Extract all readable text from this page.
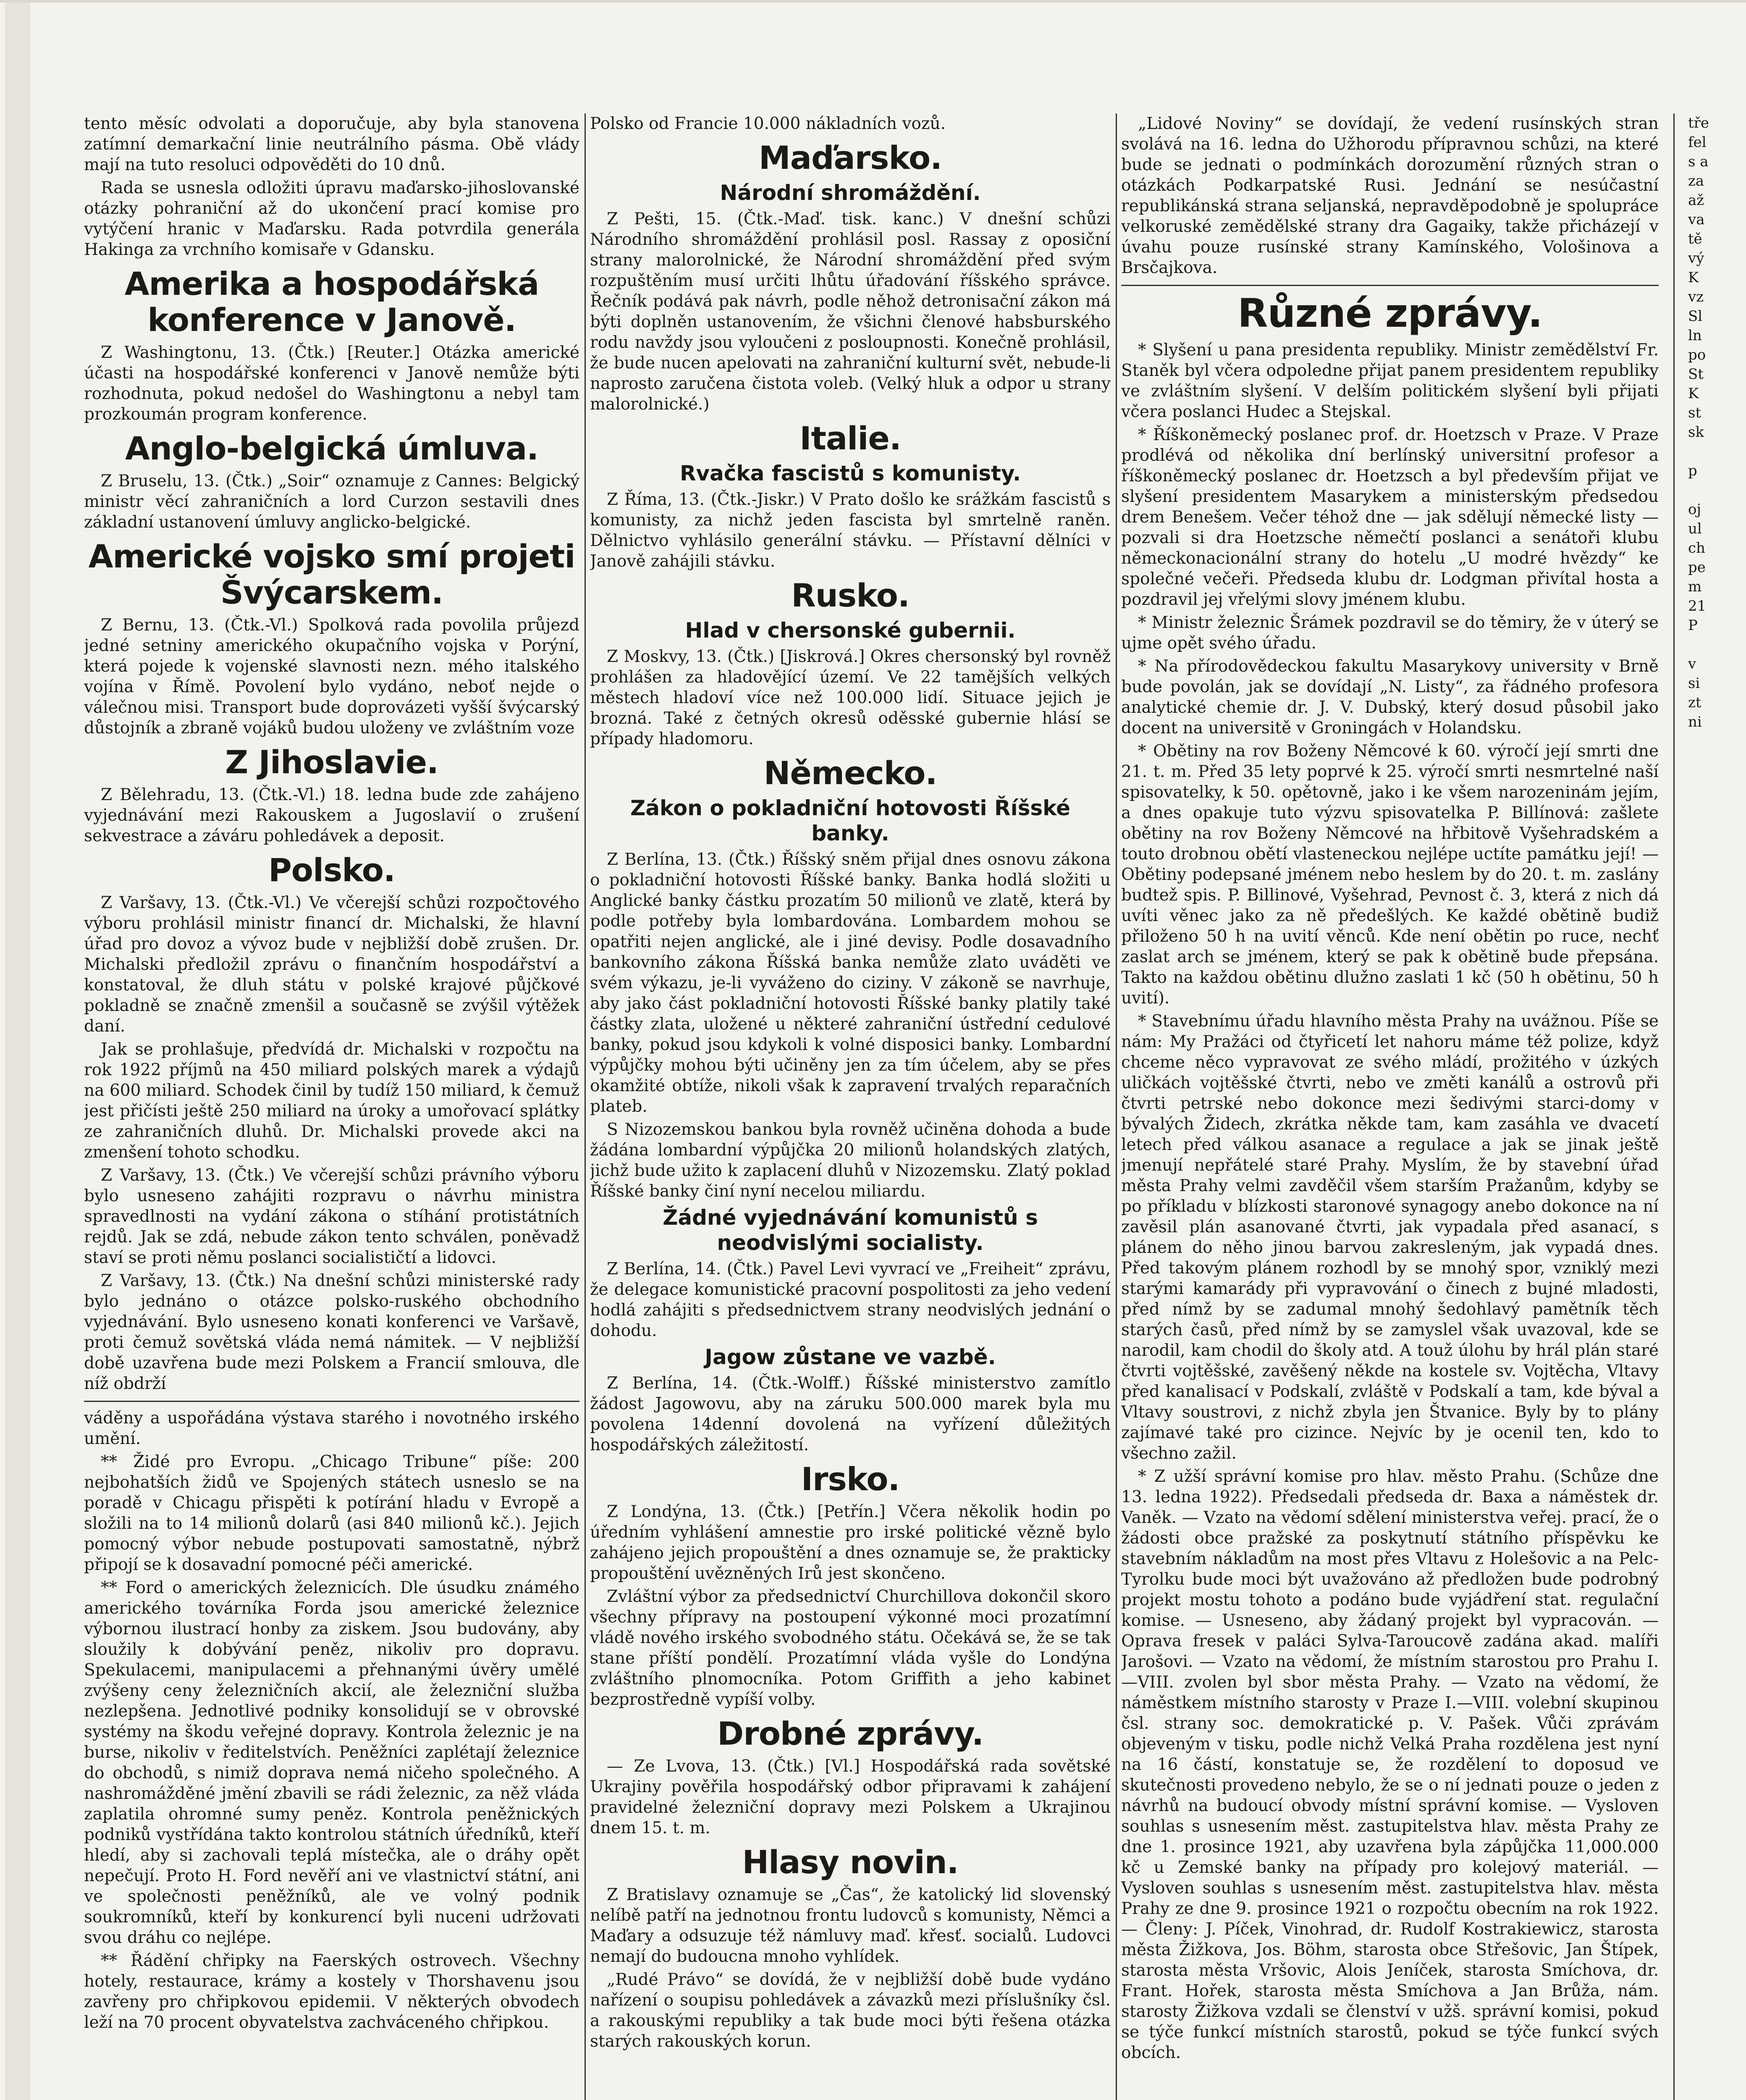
tento měsíc odvolati a doporučuje, aby byla stanovena zatímní demarkační linie neutrálního pásma. Obě vlády mají na tuto resoluci odpověděti do 10 dnů.

Rada se usnesla odložiti úpravu maďarsko-jihoslovanské otázky pohraniční až do ukončení prací komise pro vytýčení hranic v Maďarsku. Rada potvrdila generála Hakinga za vrchního komisaře v Gdansku.

Amerika a hospodářská konference v Janově.

Z Washingtonu, 13. (Čtk.) [Reuter.] Otázka americké účasti na hospodářské konferenci v Janově nemůže býti rozhodnuta, pokud nedošel do Washingtonu a nebyl tam prozkoumán program konference.

Anglo-belgická úmluva.

Z Bruselu, 13. (Čtk.) „Soir“ oznamuje z Cannes: Belgický ministr věcí zahraničních a lord Curzon sestavili dnes základní ustanovení úmluvy anglicko-belgické.

Americké vojsko smí projeti Švýcarskem.

Z Bernu, 13. (Čtk.-Vl.) Spolková rada povolila průjezd jedné setniny amerického okupačního vojska v Porýní, která pojede k vojenské slavnosti nezn. mého italského vojína v Římě. Povolení bylo vydáno, neboť nejde o válečnou misi. Transport bude doprovázeti vyšší švýcarský důstojník a zbraně vojáků budou uloženy ve zvláštním voze

Z Jihoslavie.

Z Bělehradu, 13. (Čtk.-Vl.) 18. ledna bude zde zahájeno vyjednávání mezi Rakouskem a Jugoslavií o zrušení sekvestrace a záváru pohledávek a deposit.

Polsko.

Z Varšavy, 13. (Čtk.-Vl.) Ve včerejší schůzi rozpočtového výboru prohlásil ministr financí dr. Michalski, že hlavní úřad pro dovoz a vývoz bude v nejbližší době zrušen. Dr. Michalski předložil zprávu o finančním hospodářství a konstatoval, že dluh státu v polské krajové půjčkové pokladně se značně zmenšil a současně se zvýšil výtěžek daní.

Jak se prohlašuje, předvídá dr. Michalski v rozpočtu na rok 1922 příjmů na 450 miliard polských marek a výdajů na 600 miliard. Schodek činil by tudíž 150 miliard, k čemuž jest přičísti ještě 250 miliard na úroky a umořovací splátky ze zahraničních dluhů. Dr. Michalski provede akci na zmenšení tohoto schodku.

Z Varšavy, 13. (Čtk.) Ve včerejší schůzi právního výboru bylo usneseno zahájiti rozpravu o návrhu ministra spravedlnosti na vydání zákona o stíhání protistátních rejdů. Jak se zdá, nebude zákon tento schválen, poněvadž staví se proti němu poslanci socialističtí a lidovci.

Z Varšavy, 13. (Čtk.) Na dnešní schůzi ministerské rady bylo jednáno o otázce polsko-ruského obchodního vyjednávání. Bylo usneseno konati konferenci ve Varšavě, proti čemuž sovětská vláda nemá námitek. — V nejbližší době uzavřena bude mezi Polskem a Francií smlouva, dle níž obdrží

váděny a uspořádána výstava starého i novotného irského umění.

** Židé pro Evropu. „Chicago Tribune“ píše: 200 nejbohatších židů ve Spojených státech usneslo se na poradě v Chicagu přispěti k potírání hladu v Evropě a složili na to 14 milionů dolarů (asi 840 milionů kč.). Jejich pomocný výbor nebude postupovati samostatně, nýbrž připojí se k dosavadní pomocné péči americké.

** Ford o amerických železnicích. Dle úsudku známého amerického továrníka Forda jsou americké železnice výbornou ilustrací honby za ziskem. Jsou budovány, aby sloužily k dobývání peněz, nikoliv pro dopravu. Spekulacemi, manipulacemi a přehnanými úvěry umělé zvýšeny ceny železničních akcií, ale železniční služba nezlepšena. Jednotlivé podniky konsolidují se v obrovské systémy na škodu veřejné dopravy. Kontrola železnic je na burse, nikoliv v ředitelstvích. Peněžníci zaplétají železnice do obchodů, s nimiž doprava nemá ničeho společného. A nashromážděné jmění zbavili se rádi železnic, za něž vláda zaplatila ohromné sumy peněz. Kontrola peněžnických podniků vystřídána takto kontrolou státních úředníků, kteří hledí, aby si zachovali teplá místečka, ale o dráhy opět nepečují. Proto H. Ford nevěří ani ve vlastnictví státní, ani ve společnosti peněžníků, ale ve volný podnik soukromníků, kteří by konkurencí byli nuceni udržovati svou dráhu co nejlépe.

** Řádění chřipky na Faerských ostrovech. Všechny hotely, restaurace, krámy a kostely v Thorshavenu jsou zavřeny pro chřipkovou epidemii. V některých obvodech leží na 70 procent obyvatelstva zachváceného chřipkou.

Polsko od Francie 10.000 nákladních vozů.

Maďarsko.
Národní shromáždění.

Z Pešti, 15. (Čtk.-Maď. tisk. kanc.) V dnešní schůzi Národního shromáždění prohlásil posl. Rassay z oposiční strany malorolnické, že Národní shromáždění před svým rozpuštěním musí určiti lhůtu úřadování říšského správce. Řečník podává pak návrh, podle něhož detronisační zákon má býti doplněn ustanovením, že všichni členové habsburského rodu navždy jsou vyloučeni z posloupnosti. Konečně prohlásil, že bude nucen apelovati na zahraniční kulturní svět, nebude-li naprosto zaručena čistota voleb. (Velký hluk a odpor u strany malorolnické.)

Italie.
Rvačka fascistů s komunisty.

Z Říma, 13. (Čtk.-Jiskr.) V Prato došlo ke srážkám fascistů s komunisty, za nichž jeden fascista byl smrtelně raněn. Dělnictvo vyhlásilo generální stávku. — Přístavní dělníci v Janově zahájili stávku.

Rusko.
Hlad v chersonské gubernii.

Z Moskvy, 13. (Čtk.) [Jiskrová.] Okres chersonský byl rovněž prohlášen za hladovějící území. Ve 22 tamějších velkých městech hladoví více než 100.000 lidí. Situace jejich je brozná. Také z četných okresů oděsské gubernie hlásí se případy hladomoru.

Německo.
Zákon o pokladniční hotovosti Říšské banky.

Z Berlína, 13. (Čtk.) Říšský sněm přijal dnes osnovu zákona o pokladniční hotovosti Říšské banky. Banka hodlá složiti u Anglické banky částku prozatím 50 milionů ve zlatě, která by podle potřeby byla lombardována. Lombardem mohou se opatřiti nejen anglické, ale i jiné devisy. Podle dosavadního bankovního zákona Říšská banka nemůže zlato uváděti ve svém výkazu, je-li vyváženo do ciziny. V zákoně se navrhuje, aby jako část pokladniční hotovosti Říšské banky platily také částky zlata, uložené u některé zahraniční ústřední cedulové banky, pokud jsou kdykoli k volné disposici banky. Lombardní výpůjčky mohou býti učiněny jen za tím účelem, aby se přes okamžité obtíže, nikoli však k zapravení trvalých reparačních plateb.

S Nizozemskou bankou byla rovněž učiněna dohoda a bude žádána lombardní výpůjčka 20 milionů holandských zlatých, jichž bude užito k zaplacení dluhů v Nizozemsku. Zlatý poklad Říšské banky činí nyní necelou miliardu.

Žádné vyjednávání komunistů s neodvislými socialisty.

Z Berlína, 14. (Čtk.) Pavel Levi vyvrací ve „Freiheit“ zprávu, že delegace komunistické pracovní pospolitosti za jeho vedení hodlá zahájiti s předsednictvem strany neodvislých jednání o dohodu.

Jagow zůstane ve vazbě.

Z Berlína, 14. (Čtk.-Wolff.) Říšské ministerstvo zamítlo žádost Jagowovu, aby na záruku 500.000 marek byla mu povolena 14denní dovolená na vyřízení důležitých hospodářských záležitostí.

Irsko.

Z Londýna, 13. (Čtk.) [Petřín.] Včera několik hodin po úředním vyhlášení amnestie pro irské politické vězně bylo zahájeno jejich propouštění a dnes oznamuje se, že prakticky propouštění uvězněných Irů jest skončeno.

Zvláštní výbor za předsednictví Churchillova dokončil skoro všechny přípravy na postoupení výkonné moci prozatímní vládě nového irského svobodného státu. Očekává se, že se tak stane příští pondělí. Prozatímní vláda vyšle do Londýna zvláštního plnomocníka. Potom Griffith a jeho kabinet bezprostředně vypíší volby.

Drobné zprávy.

— Ze Lvova, 13. (Čtk.) [Vl.] Hospodářská rada sovětské Ukrajiny pověřila hospodářský odbor připravami k zahájení pravidelné železniční dopravy mezi Polskem a Ukrajinou dnem 15. t. m.

Hlasy novin.

Z Bratislavy oznamuje se „Čas“, že katolický lid slovenský nelíbě patří na jednotnou frontu ludovců s komunisty, Němci a Maďary a odsuzuje též námluvy maď. křesť. socialů. Ludovci nemají do budoucna mnoho vyhlídek.

„Rudé Právo“ se dovídá, že v nejbližší době bude vydáno nařízení o soupisu pohledávek a závazků mezi příslušníky čsl. a rakouskými republiky a tak bude moci býti řešena otázka starých rakouských korun.

„Lidové Noviny“ se dovídají, že vedení rusínských stran svolává na 16. ledna do Užhorodu přípravnou schůzi, na které bude se jednati o podmínkách dorozumění různých stran o otázkách Podkarpatské Rusi. Jednání se nesúčastní republikánská strana seljanská, nepravděpodobně je spolupráce velkoruské zemědělské strany dra Gagaiky, takže přicházejí v úvahu pouze rusínské strany Kamínského, Vološinova a Brsčajkova.

Různé zprávy.

* Slyšení u pana presidenta republiky. Ministr zemědělství Fr. Staněk byl včera odpoledne přijat panem presidentem republiky ve zvláštním slyšení. V delším politickém slyšení byli přijati včera poslanci Hudec a Stejskal.

* Říškoněmecký poslanec prof. dr. Hoetzsch v Praze. V Praze prodlévá od několika dní berlínský universitní profesor a říškoněmecký poslanec dr. Hoetzsch a byl především přijat ve slyšení presidentem Masarykem a ministerským předsedou drem Benešem. Večer téhož dne — jak sdělují německé listy — pozvali si dra Hoetzsche němečtí poslanci a senátoři klubu německonacionální strany do hotelu „U modré hvězdy“ ke společné večeři. Předseda klubu dr. Lodgman přivítal hosta a pozdravil jej vřelými slovy jménem klubu.

* Ministr železnic Šrámek pozdravil se do těmiry, že v úterý se ujme opět svého úřadu.

* Na přírodovědeckou fakultu Masarykovy university v Brně bude povolán, jak se dovídají „N. Listy“, za řádného profesora analytické chemie dr. J. V. Dubský, který dosud působil jako docent na universitě v Groningách v Holandsku.

* Obětiny na rov Boženy Němcové k 60. výročí její smrti dne 21. t. m. Před 35 lety poprvé k 25. výročí smrti nesmrtelné naší spisovatelky, k 50. opětovně, jako i ke všem narozeninám jejím, a dnes opakuje tuto výzvu spisovatelka P. Billínová: zašlete obětiny na rov Boženy Němcové na hřbitově Vyšehradském a touto drobnou obětí vlasteneckou nejlépe uctíte památku její! — Obětiny podepsané jménem nebo heslem by do 20. t. m. zaslány budtež spis. P. Billinové, Vyšehrad, Pevnost č. 3, která z nich dá uvíti věnec jako za ně předešlých. Ke každé obětině budiž přiloženo 50 h na uvití věnců. Kde není obětin po ruce, nechť zaslat arch se jménem, který se pak k obětině bude přepsána. Takto na každou obětinu dlužno zaslati 1 kč (50 h obětinu, 50 h uvití).

* Stavebnímu úřadu hlavního města Prahy na uvážnou. Píše se nám: My Pražáci od čtyřicetí let nahoru máme též polize, když chceme něco vypravovat ze svého mládí, prožitého v úzkých uličkách vojtěšské čtvrti, nebo ve změti kanálů a ostrovů při čtvrti petrské nebo dokonce mezi šedivými starci-domy v bývalých Židech, zkrátka někde tam, kam zasáhla ve dvacetí letech před válkou asanace a regulace a jak se jinak ještě jmenují nepřátelé staré Prahy. Myslím, že by stavební úřad města Prahy velmi zavděčil všem starším Pražanům, kdyby se po příkladu v blízkosti staronové synagogy anebo dokonce na ní zavěsil plán asanované čtvrti, jak vypadala před asanací, s plánem do něho jinou barvou zakresleným, jak vypadá dnes. Před takovým plánem rozhodl by se mnohý spor, vzniklý mezi starými kamarády při vypravování o činech z bujné mladosti, před nímž by se zadumal mnohý šedohlavý pamětník těch starých časů, před nímž by se zamyslel však uvazoval, kde se narodil, kam chodil do školy atd. A touž úlohu by hrál plán staré čtvrti vojtěšské, zavěšený někde na kostele sv. Vojtěcha, Vltavy před kanalisací v Podskalí, zvláště v Podskalí a tam, kde býval a Vltavy soustrovi, z nichž zbyla jen Štvanice. Byly by to plány zajímavé také pro cizince. Nejvíc by je ocenil ten, kdo to všechno zažil.

* Z užší správní komise pro hlav. město Prahu. (Schůze dne 13. ledna 1922). Předsedali předseda dr. Baxa a náměstek dr. Vaněk. — Vzato na vědomí sdělení ministerstva veřej. prací, že o žádosti obce pražské za poskytnutí státního příspěvku ke stavebním nákladům na most přes Vltavu z Holešovic a na Pelc-Tyrolku bude moci být uvažováno až předložen bude podrobný projekt mostu tohoto a podáno bude vyjádření stat. regulační komise. — Usneseno, aby žádaný projekt byl vypracován. — Oprava fresek v paláci Sylva-Taroucově zadána akad. malíři Jarošovi. — Vzato na vědomí, že místním starostou pro Prahu I.—VIII. zvolen byl sbor města Prahy. — Vzato na vědomí, že náměstkem místního starosty v Praze I.—VIII. volební skupinou čsl. strany soc. demokratické p. V. Pašek. Vůči zprávám objeveným v tisku, podle nichž Velká Praha rozdělena jest nyní na 16 částí, konstatuje se, že rozdělení to doposud ve skutečnosti provedeno nebylo, že se o ní jednati pouze o jeden z návrhů na budoucí obvody místní správní komise. — Vysloven souhlas s usnesením měst. zastupitelstva hlav. města Prahy ze dne 1. prosince 1921, aby uzavřena byla zápůjčka 11,000.000 kč u Zemské banky na případy pro kolejový materiál. — Vysloven souhlas s usnesením měst. zastupitelstva hlav. města Prahy ze dne 9. prosince 1921 o rozpočtu obecním na rok 1922. — Členy: J. Píček, Vinohrad, dr. Rudolf Kostrakiewicz, starosta města Žižkova, Jos. Böhm, starosta obce Střešovic, Jan Štípek, starosta města Vršovic, Alois Jeníček, starosta Smíchova, dr. Frant. Hořek, starosta města Smíchova a Jan Brůža, nám. starosty Žižkova vzdali se členství v užš. správní komisi, pokud se týče funkcí místních starostů, pokud se týče funkcí svých obcích.

tře
fel
s a
za
až
va
tě
vý
K
vz
Sl
ln
po
St
K
st
sk

p

oj
ul
ch
pe
m
21
P

v
si
zt
ni
